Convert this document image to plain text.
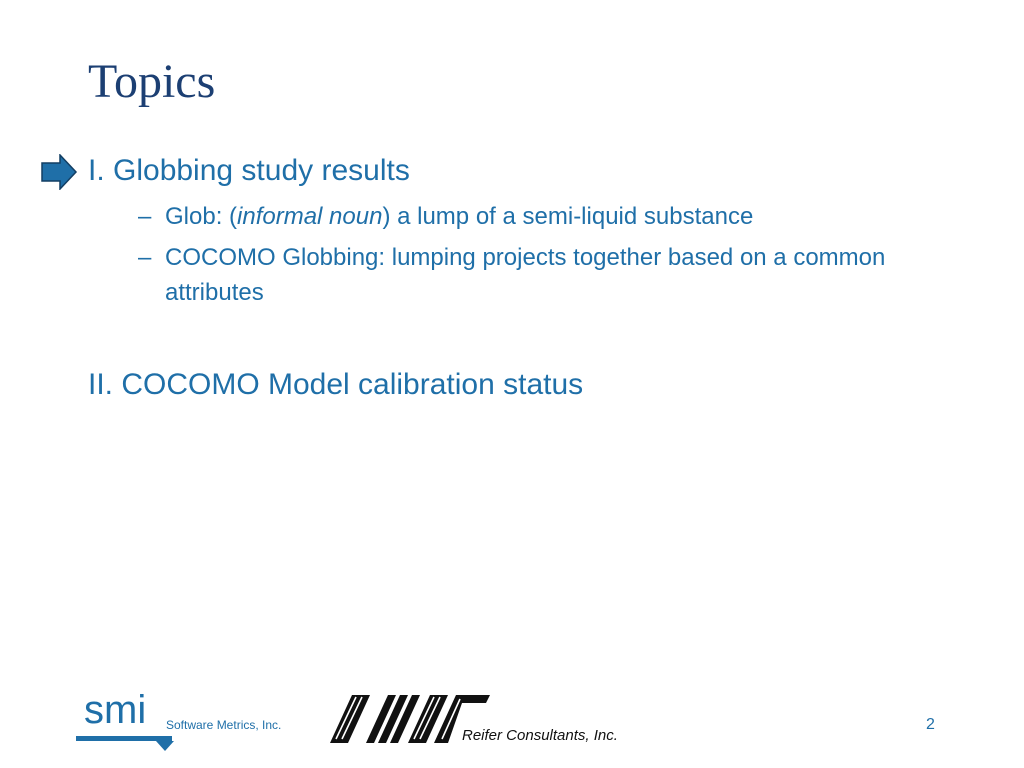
Topics
I. Globbing study results
– Glob: (informal noun) a lump of a semi-liquid substance
– COCOMO Globbing: lumping projects together based on a common attributes
II. COCOMO Model calibration status
smi Software Metrics, Inc.
Reifer Consultants, Inc.
2
